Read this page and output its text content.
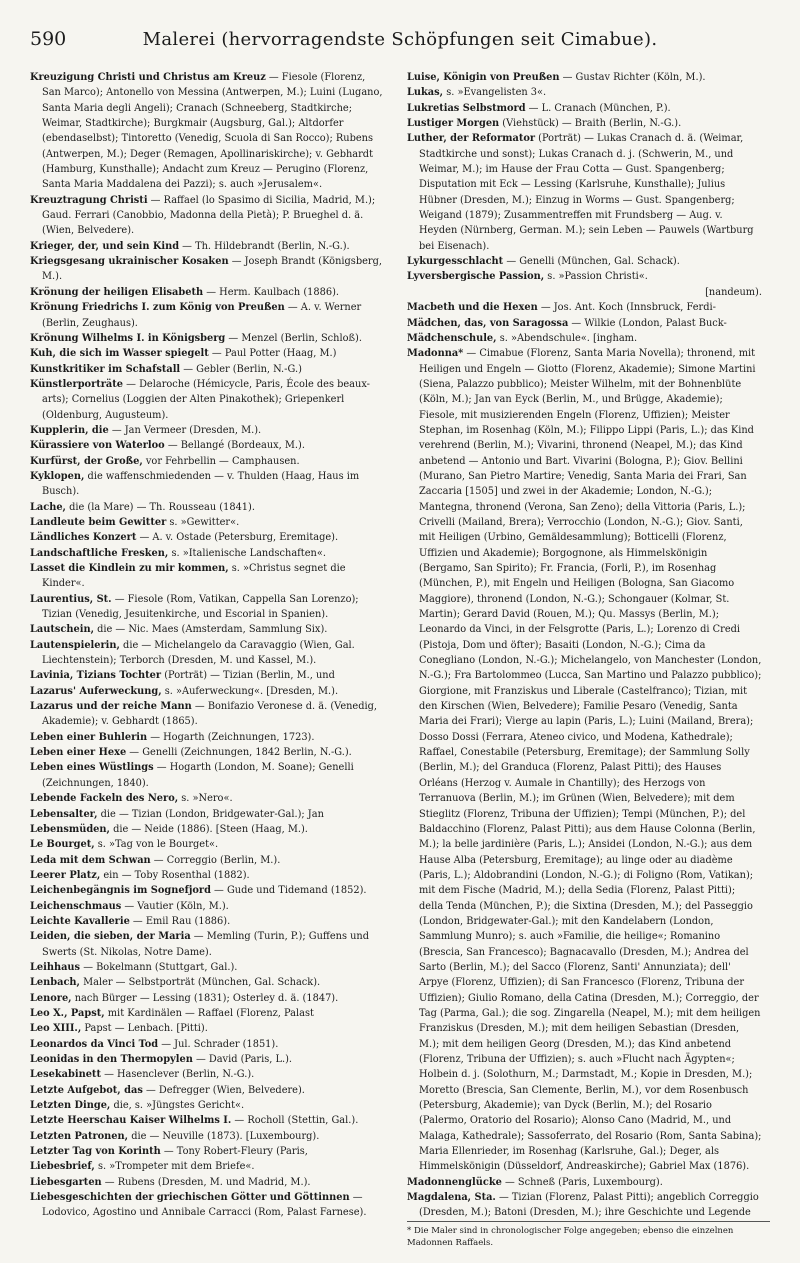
590	Malerei (hervorragendste Schöpfungen seit Cimabue).

Kreuzigung Christi und Christus am Kreuz — Fiesole (Florenz, San Marco); Antonello von Messina (Antwerpen, M.); Luini (Lugano, Santa Maria degli Angeli); Cranach (Schneeberg, Stadtkirche; Weimar, Stadtkirche); Burgkmair (Augsburg, Gal.); Altdorfer (ebendaselbst); Tintoretto (Venedig, Scuola di San Rocco); Rubens (Antwerpen, M.); Deger (Remagen, Apollinariskirche); v. Gebhardt (Hamburg, Kunsthalle); Andacht zum Kreuz — Perugino (Florenz, Santa Maria Maddalena dei Pazzi); s. auch »Jerusalem«.

Kreuztragung Christi — Raffael (lo Spasimo di Sicilia, Madrid, M.); Gaud. Ferrari (Canobbio, Madonna della Pietà); P. Brueghel d. ä. (Wien, Belvedere).

Krieger, der, und sein Kind — Th. Hildebrandt (Berlin, N.-G.).

Kriegsgesang ukrainischer Kosaken — Joseph Brandt (Königsberg, M.).

Krönung der heiligen Elisabeth — Herm. Kaulbach (1886).

Krönung Friedrichs I. zum König von Preußen — A. v. Werner (Berlin, Zeughaus).

Krönung Wilhelms I. in Königsberg — Menzel (Berlin, Schloß).

Kuh, die sich im Wasser spiegelt — Paul Potter (Haag, M.)

Kunstkritiker im Schafstall — Gebler (Berlin, N.-G.)

Künstlerporträte — Delaroche (Hémicycle, Paris, École des beaux-arts); Cornelius (Loggien der Alten Pinakothek); Griepenkerl (Oldenburg, Augusteum).

Kupplerin, die — Jan Vermeer (Dresden, M.).

Kürassiere von Waterloo — Bellangé (Bordeaux, M.).

Kurfürst, der Große, vor Fehrbellin — Camphausen.

Kyklopen, die waffenschmiedenden — v. Thulden (Haag, Haus im Busch).

Lache, die (la Mare) — Th. Rousseau (1841).

Landleute beim Gewitter s. »Gewitter«.

Ländliches Konzert — A. v. Ostade (Petersburg, Eremitage).

Landschaftliche Fresken, s. »Italienische Landschaften«.

Lasset die Kindlein zu mir kommen, s. »Christus segnet die Kinder«.

Laurentius, St. — Fiesole (Rom, Vatikan, Cappella San Lorenzo); Tizian (Venedig, Jesuitenkirche, und Escorial in Spanien).

Lautschein, die — Nic. Maes (Amsterdam, Sammlung Six).

Lautenspielerin, die — Michelangelo da Caravaggio (Wien, Gal. Liechtenstein); Terborch (Dresden, M. und Kassel, M.).

Lavinia, Tizians Tochter (Porträt) — Tizian (Berlin, M., und

Lazarus' Auferweckung, s. »Auferweckung«. [Dresden, M.).

Lazarus und der reiche Mann — Bonifazio Veronese d. ä. (Venedig, Akademie); v. Gebhardt (1865).

Leben einer Buhlerin — Hogarth (Zeichnungen, 1723).

Leben einer Hexe — Genelli (Zeichnungen, 1842 Berlin, N.-G.).

Leben eines Wüstlings — Hogarth (London, M. Soane); Genelli (Zeichnungen, 1840).

Lebende Fackeln des Nero, s. »Nero«.

Lebensalter, die — Tizian (London, Bridgewater-Gal.); Jan

Lebensmüden, die — Neide (1886). [Steen (Haag, M.).

Le Bourget, s. »Tag von le Bourget«.

Leda mit dem Schwan — Correggio (Berlin, M.).

Leerer Platz, ein — Toby Rosenthal (1882).

Leichenbegängnis im Sognefjord — Gude und Tidemand (1852).

Leichenschmaus — Vautier (Köln, M.).

Leichte Kavallerie — Emil Rau (1886).

Leiden, die sieben, der Maria — Memling (Turin, P.); Guffens und Swerts (St. Nikolas, Notre Dame).

Leihhaus — Bokelmann (Stuttgart, Gal.).

Lenbach, Maler — Selbstporträt (München, Gal. Schack).

Lenore, nach Bürger — Lessing (1831); Osterley d. ä. (1847).

Leo X., Papst, mit Kardinälen — Raffael (Florenz, Palast

Leo XIII., Papst — Lenbach. [Pitti).

Leonardos da Vinci Tod — Jul. Schrader (1851).

Leonidas in den Thermopylen — David (Paris, L.).

Lesekabinett — Hasenclever (Berlin, N.-G.).

Letzte Aufgebot, das — Defregger (Wien, Belvedere).

Letzten Dinge, die, s. »Jüngstes Gericht«.

Letzte Heerschau Kaiser Wilhelms I. — Rocholl (Stettin, Gal.).

Letzten Patronen, die — Neuville (1873). [Luxembourg).

Letzter Tag von Korinth — Tony Robert-Fleury (Paris,

Liebesbrief, s. »Trompeter mit dem Briefe«.

Liebesgarten — Rubens (Dresden, M. und Madrid, M.).

Liebesgeschichten der griechischen Götter und Göttinnen — Lodovico, Agostino und Annibale Carracci (Rom, Palast Farnese).

Luise, Königin von Preußen — Gustav Richter (Köln, M.).

Lukas, s. »Evangelisten 3«.

Lukretias Selbstmord — L. Cranach (München, P.).

Lustiger Morgen (Viehstück) — Braith (Berlin, N.-G.).

Luther, der Reformator (Porträt) — Lukas Cranach d. ä. (Weimar, Stadtkirche und sonst); Lukas Cranach d. j. (Schwerin, M., und Weimar, M.); im Hause der Frau Cotta — Gust. Spangenberg; Disputation mit Eck — Lessing (Karlsruhe, Kunsthalle); Julius Hübner (Dresden, M.); Einzug in Worms — Gust. Spangenberg; Weigand (1879); Zusammentreffen mit Frundsberg — Aug. v. Heyden (Nürnberg, German. M.); sein Leben — Pauwels (Wartburg bei Eisenach).

Lykurgesschlacht — Genelli (München, Gal. Schack).

Lyversbergische Passion, s. »Passion Christi«.

[nandeum).

Macbeth und die Hexen — Jos. Ant. Koch (Innsbruck, Ferdi-

Mädchen, das, von Saragossa — Wilkie (London, Palast Buck-

Mädchenschule, s. »Abendschule«. [ingham.

Madonna* — Cimabue (Florenz, Santa Maria Novella); thronend, mit Heiligen und Engeln — Giotto (Florenz, Akademie); Simone Martini (Siena, Palazzo pubblico); Meister Wilhelm, mit der Bohnenblüte (Köln, M.); Jan van Eyck (Berlin, M., und Brügge, Akademie); Fiesole, mit musizierenden Engeln (Florenz, Uffizien); Meister Stephan, im Rosenhag (Köln, M.); Filippo Lippi (Paris, L.); das Kind verehrend (Berlin, M.); Vivarini, thronend (Neapel, M.); das Kind anbetend — Antonio und Bart. Vivarini (Bologna, P.); Giov. Bellini (Murano, San Pietro Martire; Venedig, Santa Maria dei Frari, San Zaccaria [1505] und zwei in der Akademie; London, N.-G.); Mantegna, thronend (Verona, San Zeno); della Vittoria (Paris, L.); Crivelli (Mailand, Brera); Verrocchio (London, N.-G.); Giov. Santi, mit Heiligen (Urbino, Gemäldesammlung); Botticelli (Florenz, Uffizien und Akademie); Borgognone, als Himmelskönigin (Bergamo, San Spirito); Fr. Francia, (Forli, P.), im Rosenhag (München, P.), mit Engeln und Heiligen (Bologna, San Giacomo Maggiore), thronend (London, N.-G.); Schongauer (Kolmar, St. Martin); Gerard David (Rouen, M.); Qu. Massys (Berlin, M.); Leonardo da Vinci, in der Felsgrotte (Paris, L.); Lorenzo di Credi (Pistoja, Dom und öfter); Basaiti (London, N.-G.); Cima da Conegliano (London, N.-G.); Michelangelo, von Manchester (London, N.-G.); Fra Bartolommeo (Lucca, San Martino und Palazzo pubblico); Giorgione, mit Franziskus und Liberale (Castelfranco); Tizian, mit den Kirschen (Wien, Belvedere); Familie Pesaro (Venedig, Santa Maria dei Frari); Vierge au lapin (Paris, L.); Luini (Mailand, Brera); Dosso Dossi (Ferrara, Ateneo civico, und Modena, Kathedrale); Raffael, Conestabile (Petersburg, Eremitage); der Sammlung Solly (Berlin, M.); del Granduca (Florenz, Palast Pitti); des Hauses Orléans (Herzog v. Aumale in Chantilly); des Herzogs von Terranuova (Berlin, M.); im Grünen (Wien, Belvedere); mit dem Stieglitz (Florenz, Tribuna der Uffizien); Tempi (München, P.); del Baldacchino (Florenz, Palast Pitti); aus dem Hause Colonna (Berlin, M.); la belle jardinière (Paris, L.); Ansidei (London, N.-G.); aus dem Hause Alba (Petersburg, Eremitage); au linge oder au diadème (Paris, L.); Aldobrandini (London, N.-G.); di Foligno (Rom, Vatikan); mit dem Fische (Madrid, M.); della Sedia (Florenz, Palast Pitti); della Tenda (München, P.); die Sixtina (Dresden, M.); del Passeggio (London, Bridgewater-Gal.); mit den Kandelabern (London, Sammlung Munro); s. auch »Familie, die heilige«; Romanino (Brescia, San Francesco); Bagnacavallo (Dresden, M.); Andrea del Sarto (Berlin, M.); del Sacco (Florenz, Santi' Annunziata); dell' Arpye (Florenz, Uffizien); di San Francesco (Florenz, Tribuna der Uffizien); Giulio Romano, della Catina (Dresden, M.); Correggio, der Tag (Parma, Gal.); die sog. Zingarella (Neapel, M.); mit dem heiligen Franziskus (Dresden, M.); mit dem heiligen Sebastian (Dresden, M.); mit dem heiligen Georg (Dresden, M.); das Kind anbetend (Florenz, Tribuna der Uffizien); s. auch »Flucht nach Ägypten«; Holbein d. j. (Solothurn, M.; Darmstadt, M.; Kopie in Dresden, M.); Moretto (Brescia, San Clemente, Berlin, M.), vor dem Rosenbusch (Petersburg, Akademie); van Dyck (Berlin, M.); del Rosario (Palermo, Oratorio del Rosario); Alonso Cano (Madrid, M., und Malaga, Kathedrale); Sassoferrato, del Rosario (Rom, Santa Sabina); Maria Ellenrieder, im Rosenhag (Karlsruhe, Gal.); Deger, als Himmelskönigin (Düsseldorf, Andreaskirche); Gabriel Max (1876).

Madonnenglücke — Schneß (Paris, Luxembourg).

Magdalena, Sta. — Tizian (Florenz, Palast Pitti); angeblich Correggio (Dresden, M.); Batoni (Dresden, M.); ihre Geschichte und Legende

* Die Maler sind in chronologischer Folge angegeben; ebenso die einzelnen Madonnen Raffaels.
